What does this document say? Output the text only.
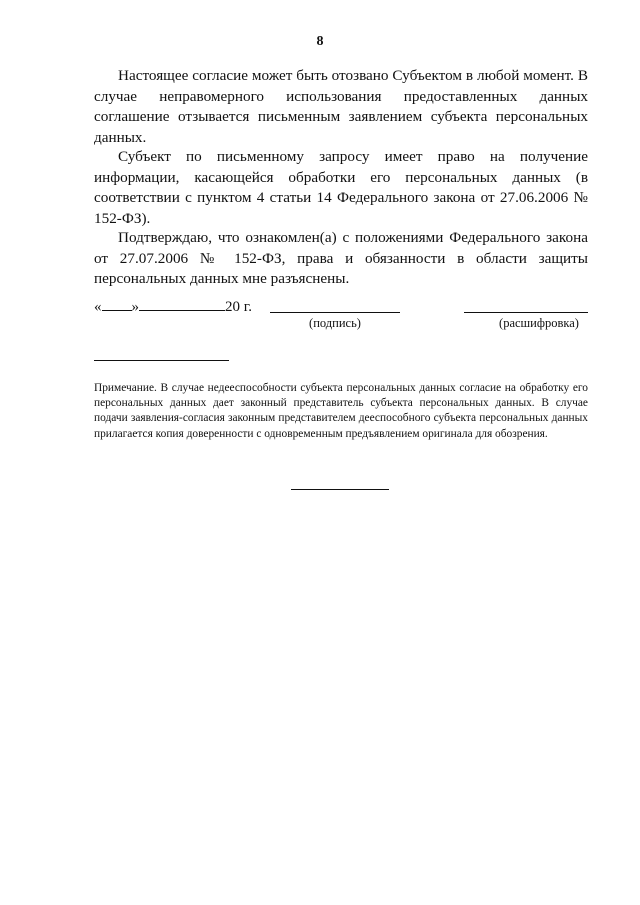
8

Настоящее согласие может быть отозвано Субъектом в любой момент. В случае неправомерного использования предоставленных данных соглашение отзывается письменным заявлением субъекта персональных данных.

Субъект по письменному запросу имеет право на получение информации, касающейся обработки его персональных данных (в соответствии с пунктом 4 статьи 14 Федерального закона от 27.06.2006 № 152-ФЗ).

Подтверждаю, что ознакомлен(а) с положениями Федерального закона от 27.07.2006 № 152-ФЗ, права и обязанности в области защиты персональных данных мне разъяснены.

« »	20 г.
(подпись)	(расшифровка)

Примечание. В случае недееспособности субъекта персональных данных согласие на обработку его персональных данных дает законный представитель субъекта персональных данных. В случае подачи заявления-согласия законным представителем дееспособного субъекта персональных данных прилагается копия доверенности с одновременным предъявлением оригинала для обозрения.
